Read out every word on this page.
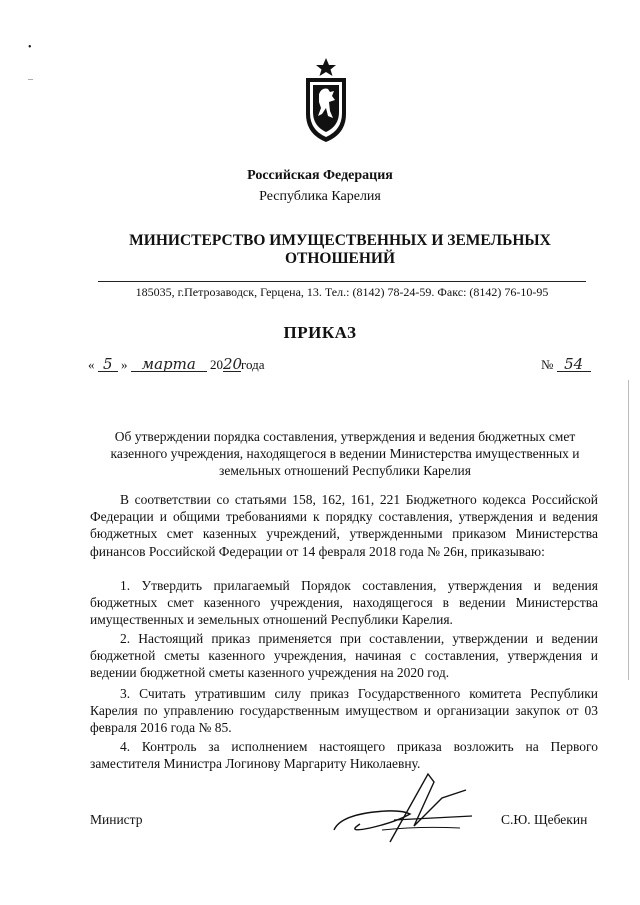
•
–
Российская Федерация
Республика Карелия
МИНИСТЕРСТВО ИМУЩЕСТВЕННЫХ И ЗЕМЕЛЬНЫХ
ОТНОШЕНИЙ
185035, г.Петрозаводск, Герцена, 13. Тел.: (8142) 78-24-59. Факс: (8142) 76-10-95
ПРИКАЗ
« 5 » марта 2020года	№ 54
Об утверждении порядка составления, утверждения и ведения бюджетных смет казенного учреждения, находящегося в ведении Министерства имущественных и земельных отношений Республики Карелия

В соответствии со статьями 158, 162, 161, 221 Бюджетного кодекса Российской Федерации и общими требованиями к порядку составления, утверждения и ведения бюджетных смет казенных учреждений, утвержденными приказом Министерства финансов Российской Федерации от 14 февраля 2018 года № 26н, приказываю:

1. Утвердить прилагаемый Порядок составления, утверждения и ведения бюджетных смет казенного учреждения, находящегося в ведении Министерства имущественных и земельных отношений Республики Карелия.

2. Настоящий приказ применяется при составлении, утверждении и ведении бюджетной сметы казенного учреждения, начиная с составления, утверждения и ведении бюджетной сметы казенного учреждения на 2020 год.

3. Считать утратившим силу приказ Государственного комитета Республики Карелия по управлению государственным имуществом и организации закупок от 03 февраля 2016 года № 85.

4. Контроль за исполнением настоящего приказа возложить на Первого заместителя Министра Логинову Маргариту Николаевну.

Министр	С.Ю. Щебекин
